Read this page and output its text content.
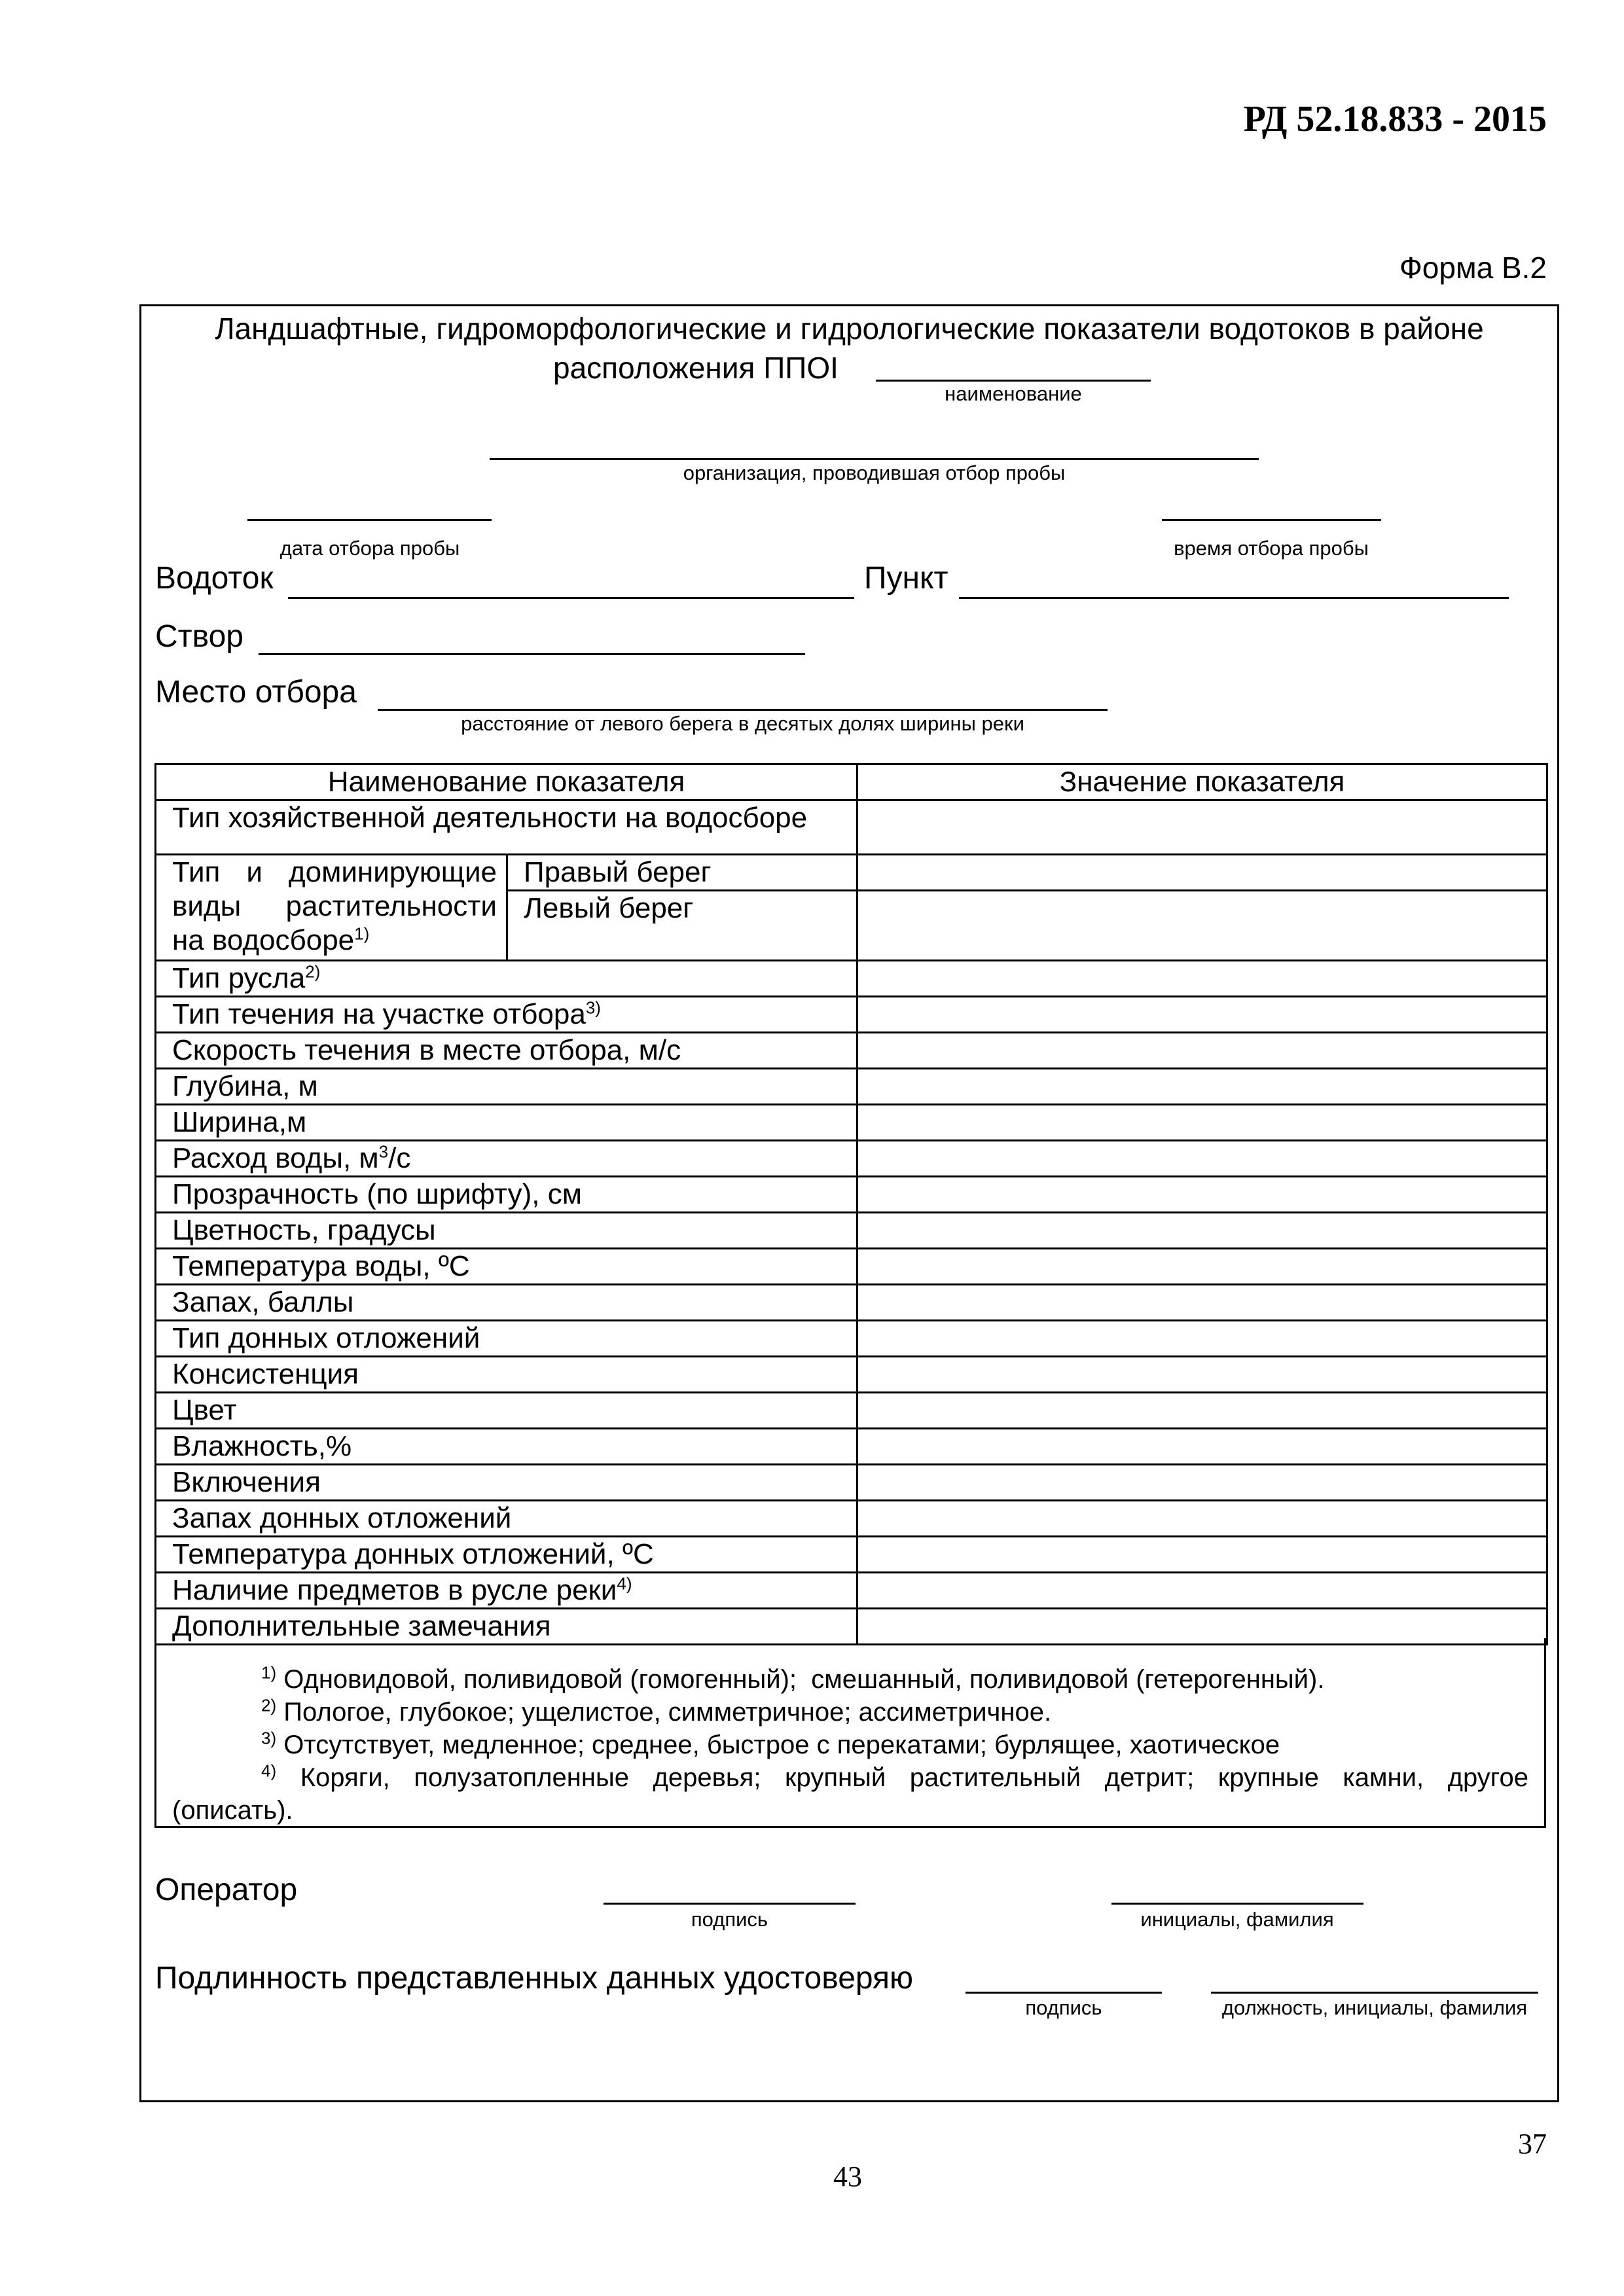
РД 52.18.833 - 2015
Форма В.2
Ландшафтные, гидроморфологические и гидрологические показатели водотоков в районе
расположения ППОI
наименование
организация, проводившая отбор пробы
дата отбора пробы	время отбора пробы
Водоток	Пункт
Створ
Место отбора
расстояние от левого берега в десятых долях ширины реки
Наименование показателя		Значение показателя
Тип хозяйственной деятельности на водосборе		
Тип и доминирующие виды растительности на водосборе$^{1)}$	Правый берег	
	Левый берег	
Тип русла$^{2)}$	
Тип течения на участке отбора$^{3)}$	
Скорость течения в месте отбора, м/с		
Глубина, м		
Ширина,м		
Расход воды, $м^3/с$		
Прозрачность (по шрифту), см		
Цветность, градусы		
Температура воды, ºС		
Запах, баллы		
Тип донных отложений		
Консистенция		
Цвет		
Влажность,%		
Включения		
Запах донных отложений		
Температура донных отложений, ºС		
Наличие предметов в русле реки$^{4)}$	
Дополнительные замечания		

$^{1)}$ Одновидовой, поливидовой (гомогенный);  смешанный, поливидовой (гетерогенный).

$^{2)}$ Пологое, глубокое; ущелистое, симметричное; ассиметричное.

$^{3)}$ Отсутствует, медленное; среднее, быстрое с перекатами; бурлящее, хаотическое

$^{4)}$  Коряги,  полузатопленные  деревья;  крупный  растительный  детрит;  крупные  камни,  другое (описать).

Оператор
подпись	инициалы, фамилия
Подлинность представленных данных удостоверяю
подпись	должность, инициалы, фамилия
37
43
